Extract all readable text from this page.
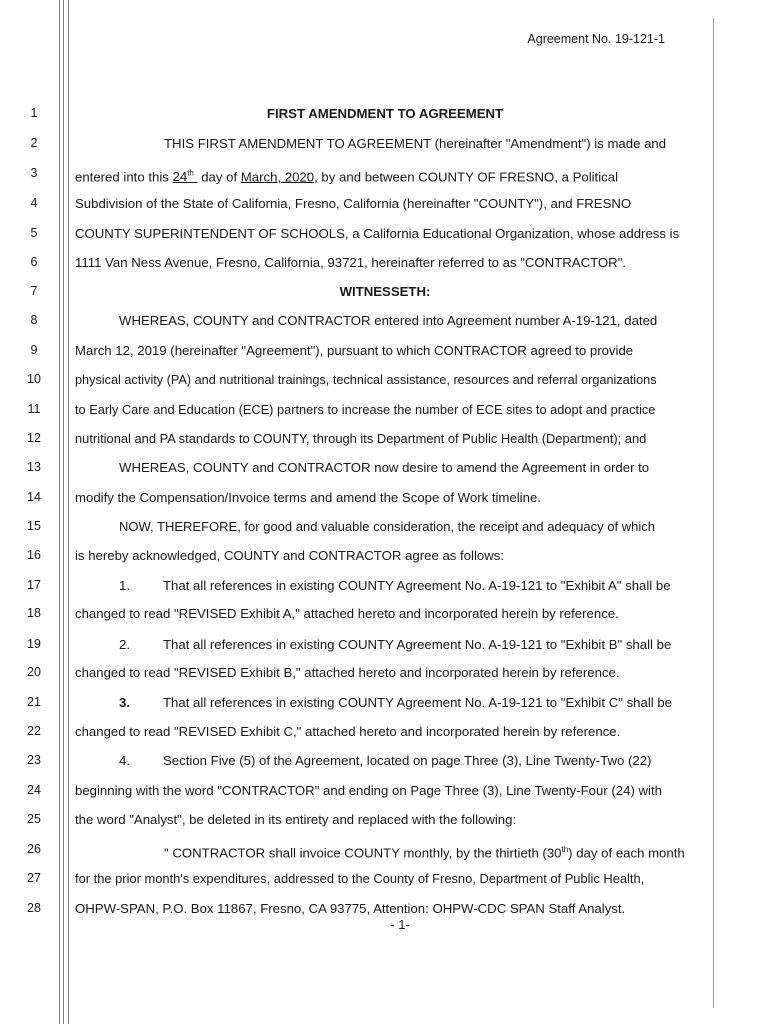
Agreement No. 19-121-1
1
2
3
4
5
6
7
8
9
10
11
12
13
14
15
16
17
18
19
20
21
22
23
24
25
26
27
28
FIRST AMENDMENT TO AGREEMENT
THIS FIRST AMENDMENT TO AGREEMENT (hereinafter "Amendment") is made and
entered into this 24th  day of March, 2020, by and between COUNTY OF FRESNO, a Political
Subdivision of the State of California, Fresno, California (hereinafter "COUNTY"), and FRESNO
COUNTY SUPERINTENDENT OF SCHOOLS, a California Educational Organization, whose address is
1111 Van Ness Avenue, Fresno, California, 93721, hereinafter referred to as "CONTRACTOR".
WITNESSETH:
WHEREAS, COUNTY and CONTRACTOR entered into Agreement number A-19-121, dated
March 12, 2019 (hereinafter "Agreement"), pursuant to which CONTRACTOR agreed to provide
physical activity (PA) and nutritional trainings, technical assistance, resources and referral organizations
to Early Care and Education (ECE) partners to increase the number of ECE sites to adopt and practice
nutritional and PA standards to COUNTY, through its Department of Public Health (Department); and
WHEREAS, COUNTY and CONTRACTOR now desire to amend the Agreement in order to
modify the Compensation/Invoice terms and amend the Scope of Work timeline.
NOW, THEREFORE, for good and valuable consideration, the receipt and adequacy of which
is hereby acknowledged, COUNTY and CONTRACTOR agree as follows:
1.	That all references in existing COUNTY Agreement No. A-19-121 to "Exhibit A" shall be
changed to read "REVISED Exhibit A," attached hereto and incorporated herein by reference.
2.	That all references in existing COUNTY Agreement No. A-19-121 to "Exhibit B" shall be
changed to read "REVISED Exhibit B," attached hereto and incorporated herein by reference.
3.	That all references in existing COUNTY Agreement No. A-19-121 to "Exhibit C" shall be
changed to read "REVISED Exhibit C," attached hereto and incorporated herein by reference.
4.	Section Five (5) of the Agreement, located on page Three (3), Line Twenty-Two (22)
beginning with the word "CONTRACTOR" and ending on Page Three (3), Line Twenty-Four (24) with
the word "Analyst", be deleted in its entirety and replaced with the following:
" CONTRACTOR shall invoice COUNTY monthly, by the thirtieth (30th) day of each month
for the prior month's expenditures, addressed to the County of Fresno, Department of Public Health,
OHPW-SPAN, P.O. Box 11867, Fresno, CA 93775, Attention: OHPW-CDC SPAN Staff Analyst.
- 1-
